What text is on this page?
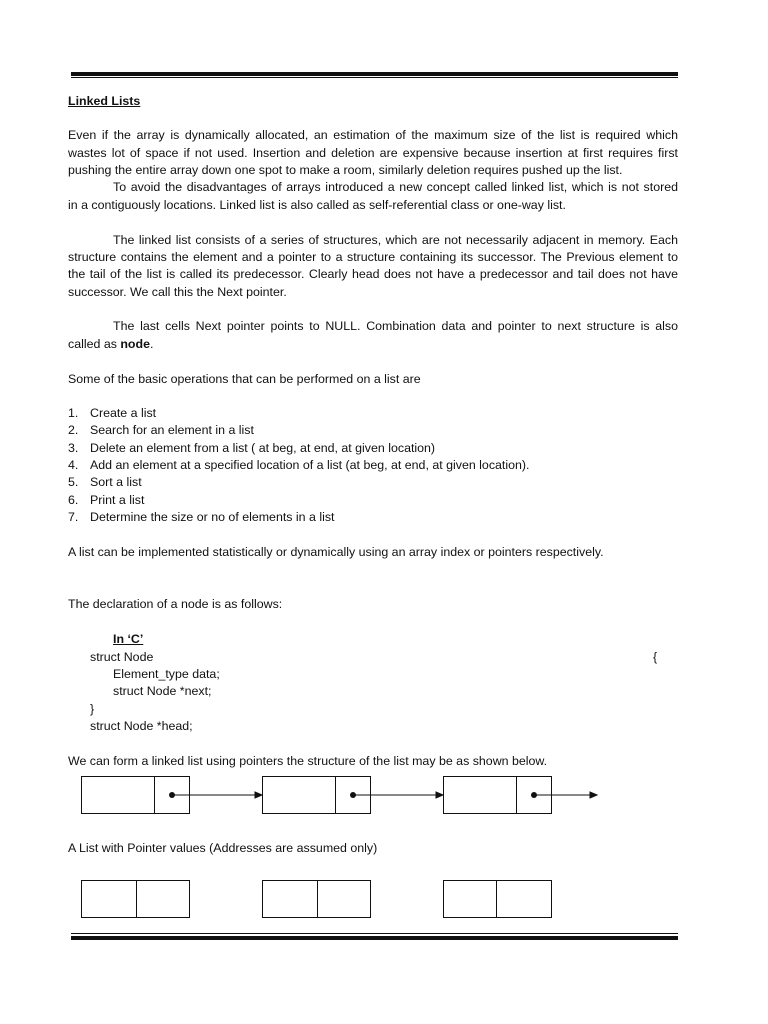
Linked Lists
Even if the array is dynamically allocated, an estimation of the maximum size of the list is required which
wastes lot of space if not used. Insertion and deletion are expensive because insertion at first requires first
pushing the entire array down one spot to make a room, similarly deletion requires pushed up the list.
To avoid the disadvantages of arrays introduced a new concept called linked list, which is not stored
in a contiguously locations. Linked list is also called as self-referential class or one-way list.
The linked list consists of a series of structures, which are not necessarily adjacent in memory. Each
structure contains the element and a pointer to a structure containing its successor. The Previous element to
the tail of the list is called its predecessor. Clearly head does not have a predecessor and tail does not have
successor. We call this the Next pointer.
The last cells Next pointer points to NULL. Combination data and pointer to next structure is also
called as node.
Some of the basic operations that can be performed on a list are
1. Create a list
2. Search for an element in a list
3. Delete an element from a list ( at beg, at end, at given location)
4. Add an element at a specified location of a list (at beg, at end, at given location).
5. Sort a list
6. Print a list
7. Determine the size or no of elements in a list
A list can be implemented statistically or dynamically using an array index or pointers respectively.
The declaration of a node is as follows:
In ‘C’
struct Node	{
Element_type data;
struct Node *next;
}
struct Node *head;
We can form a linked list using pointers the structure of the list may be as shown below.
A List with Pointer values (Addresses are assumed only)
